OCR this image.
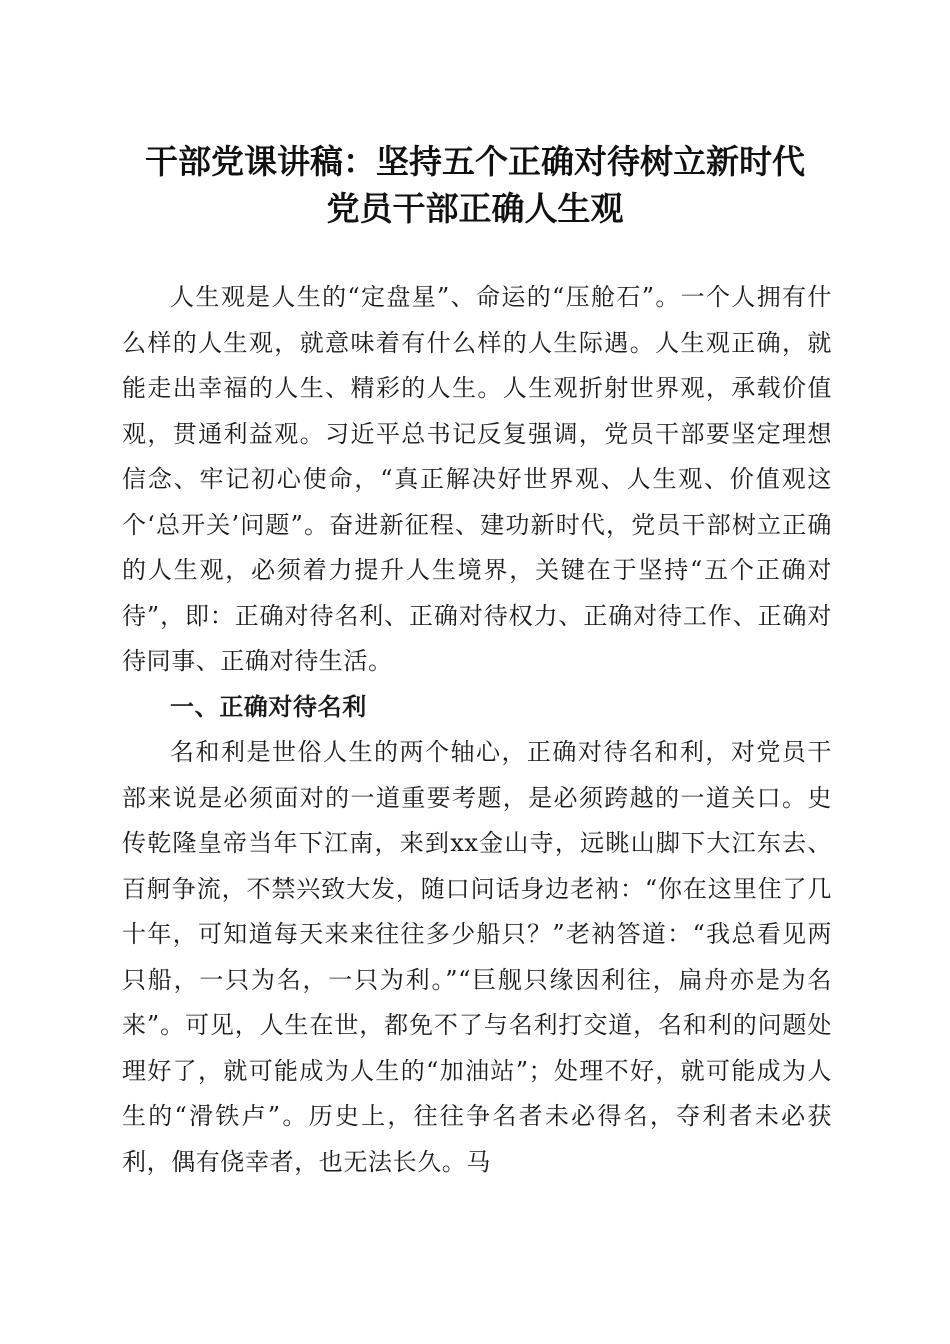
干部党课讲稿：坚持五个正确对待树立新时代
党员干部正确人生观

人生观是人生的“定盘星”、命运的“压舱石”。一个人拥有什么样的人生观，就意味着有什么样的人生际遇。人生观正确，就能走出幸福的人生、精彩的人生。人生观折射世界观，承载价值观，贯通利益观。习近平总书记反复强调，党员干部要坚定理想信念、牢记初心使命，“真正解决好世界观、人生观、价值观这个‘总开关’问题”。奋进新征程、建功新时代，党员干部树立正确的人生观，必须着力提升人生境界，关键在于坚持“五个正确对待”，即：正确对待名利、正确对待权力、正确对待工作、正确对待同事、正确对待生活。

一、正确对待名利

名和利是世俗人生的两个轴心，正确对待名和利，对党员干部来说是必须面对的一道重要考题，是必须跨越的一道关口。史传乾隆皇帝当年下江南，来到xx金山寺，远眺山脚下大江东去、百舸争流，不禁兴致大发，随口问话身边老衲：“你在这里住了几十年，可知道每天来来往往多少船只？”老衲答道：“我总看见两只船，一只为名，一只为利。”“巨舰只缘因利往，扁舟亦是为名来”。可见，人生在世，都免不了与名利打交道，名和利的问题处理好了，就可能成为人生的“加油站”；处理不好，就可能成为人生的“滑铁卢”。历史上，往往争名者未必得名，夺利者未必获利，偶有侥幸者，也无法长久。马
